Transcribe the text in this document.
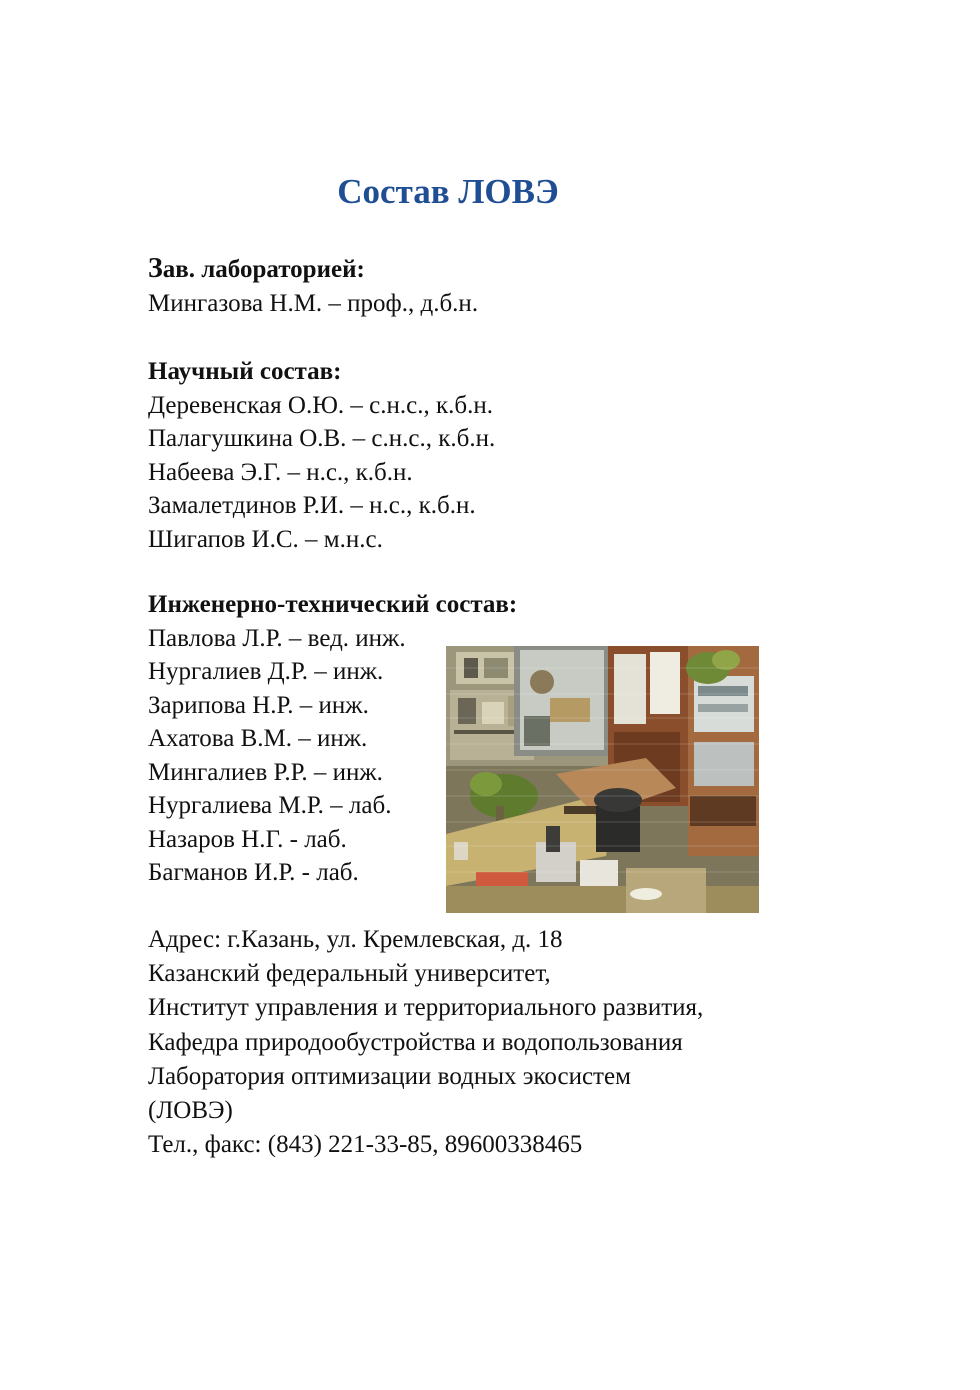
Состав ЛОВЭ
Зав. лабораторией:
Мингазова Н.М. – проф., д.б.н.
Научный состав:
Деревенская О.Ю. – с.н.с., к.б.н.
Палагушкина О.В. – с.н.с., к.б.н.
Набеева Э.Г. – н.с., к.б.н.
Замалетдинов Р.И. – н.с., к.б.н.
Шигапов И.С. – м.н.с.
Инженерно-технический состав:
Павлова Л.Р. – вед. инж.
Нургалиев Д.Р. – инж.
Зарипова Н.Р. – инж.
Ахатова В.М. – инж.
Мингалиев Р.Р. – инж.
Нургалиева М.Р. – лаб.
Назаров Н.Г. - лаб.
Багманов И.Р. - лаб.
Адрес: г.Казань, ул. Кремлевская, д. 18
Казанский федеральный университет,
Институт управления и территориального развития,
Кафедра природообустройства и водопользования
Лаборатория оптимизации водных экосистем
(ЛОВЭ)
Тел., факс: (843) 221-33-85, 89600338465
